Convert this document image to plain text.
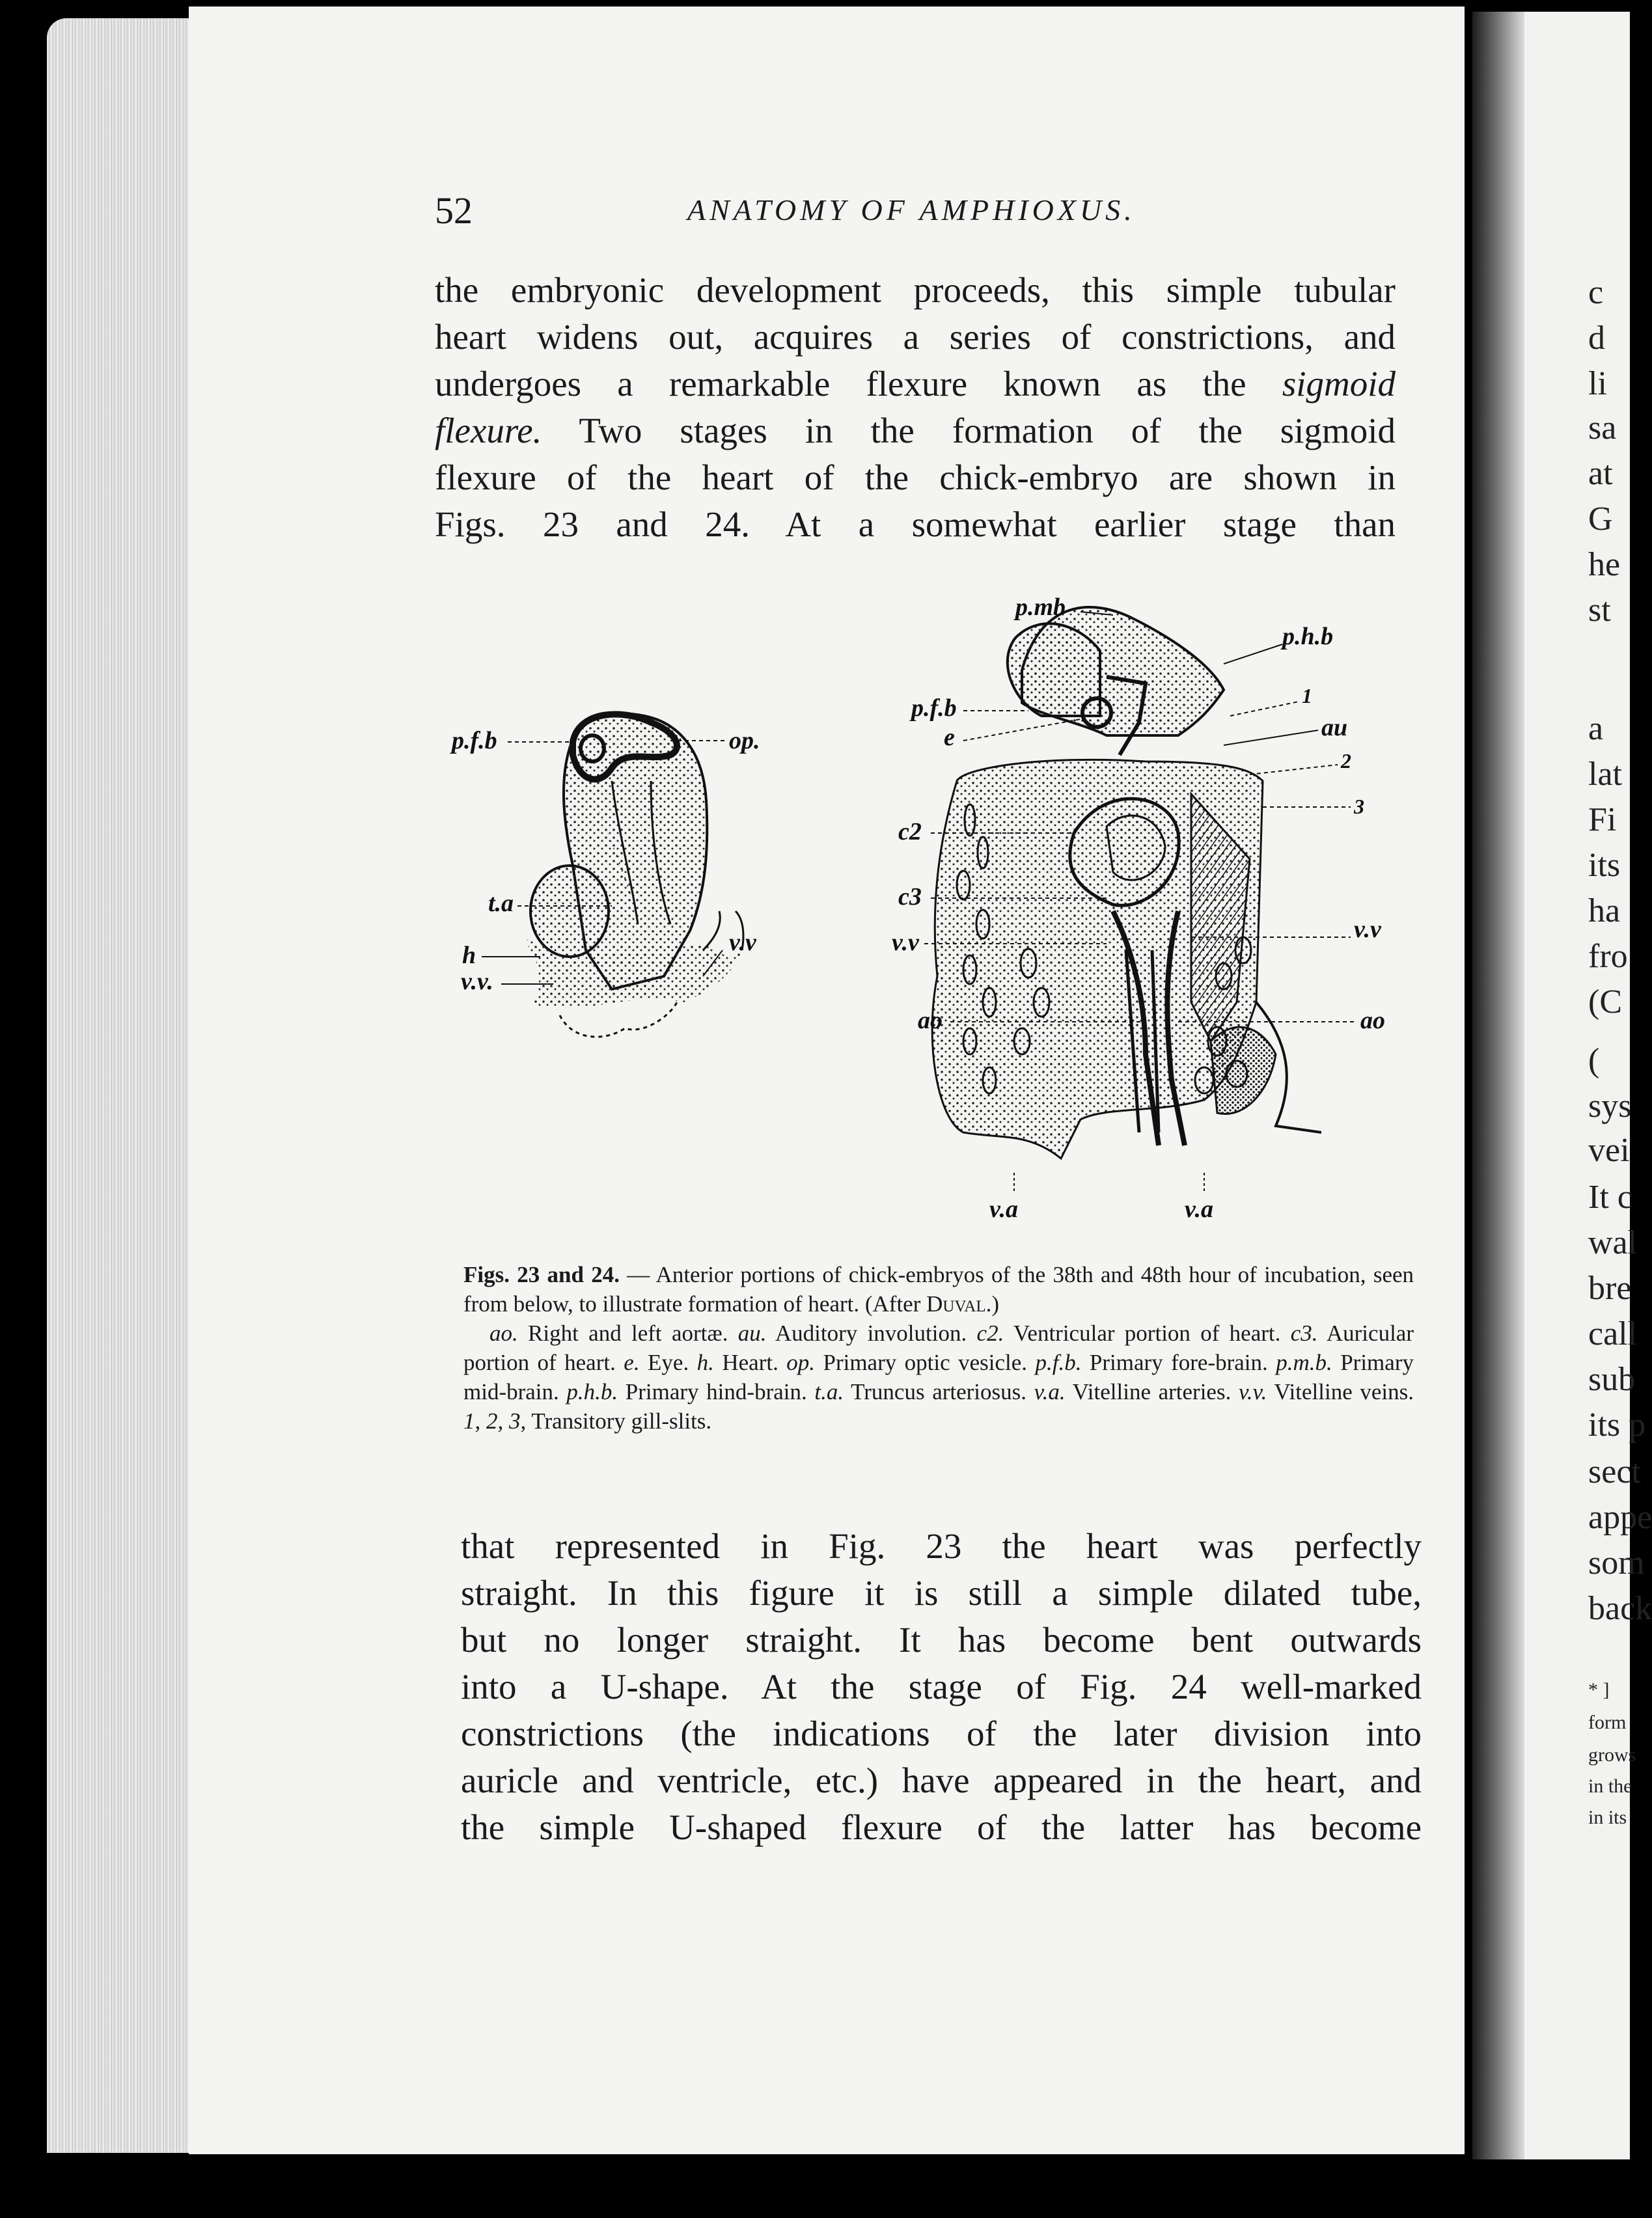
52	ANATOMY OF AMPHIOXUS.

the embryonic development proceeds, this simple tubular

heart widens out, acquires a series of constrictions, and

undergoes a remarkable flexure known as the sigmoid

flexure. Two stages in the formation of the sigmoid

flexure of the heart of the chick-embryo are shown in

Figs. 23 and 24. At a somewhat earlier stage than

p.f.b	op.
t.a
h	v.v
v.v.
p.mb
p.h.b
p.f.b
e
1
au
2
3
c2
c3
v.v	v.v
ao	ao
v.a	v.a

Figs. 23 and 24. — Anterior portions of chick-embryos of the 38th and 48th hour of incubation, seen from below, to illustrate formation of heart. (After Duval.)

ao. Right and left aortæ. au. Auditory involution. c2. Ventricular portion of heart. c3. Auricular portion of heart. e. Eye. h. Heart. op. Primary optic vesicle. p.f.b. Primary fore-brain. p.m.b. Primary mid-brain. p.h.b. Primary hind-brain. t.a. Truncus arteriosus. v.a. Vitelline arteries. v.v. Vitelline veins. 1, 2, 3, Transitory gill-slits.

that represented in Fig. 23 the heart was perfectly

straight. In this figure it is still a simple dilated tube,

but no longer straight. It has become bent outwards

into a U-shape. At the stage of Fig. 24 well-marked

constrictions (the indications of the later division into

auricle and ventricle, etc.) have appeared in the heart, and

the simple U-shaped flexure of the latter has become

c
d
li
sa
at
G
he
st
a
lat
Fi
its
ha
fro
(C
(
sys
vei
It c
wal
bre
call
sub
its p
sect
appe
som
back
* ]
form
grows
in the
in its
